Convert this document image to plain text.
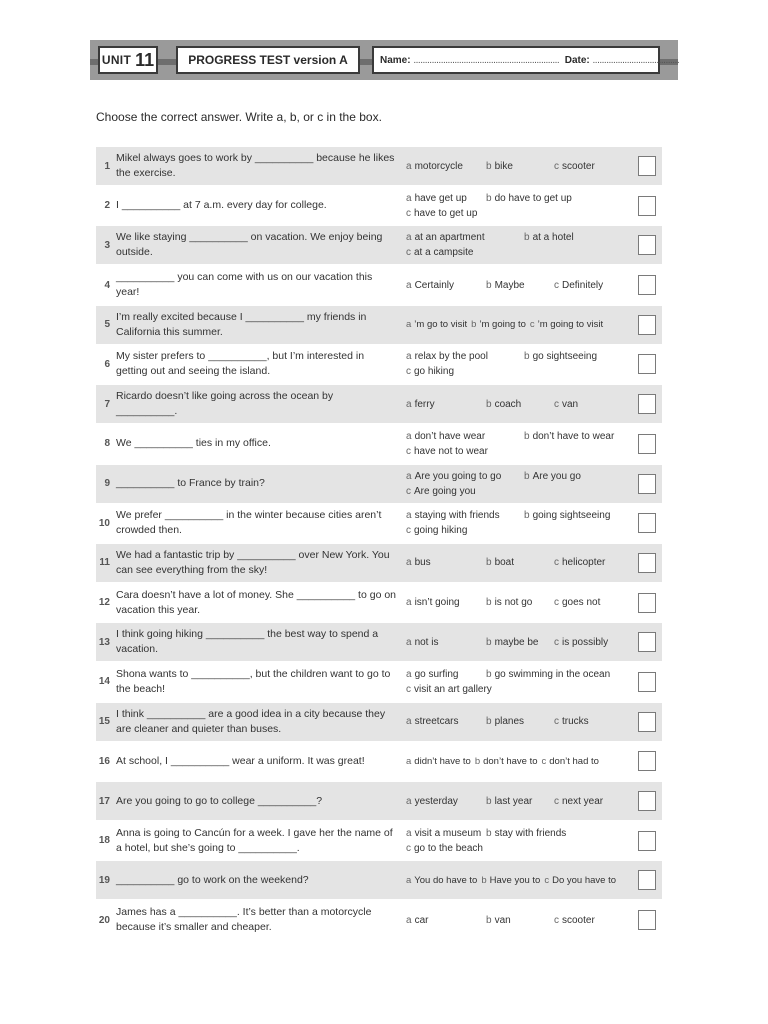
UNIT 11	PROGRESS TEST version A	Name:
................................................................
Date:
......................................
Choose the correct answer. Write a, b, or c in the box.
1
Mikel always goes to work by __________ because he likes the exercise.
a motorcycle b bike	c scooter
2 I __________ at 7 a.m. every day for college.
a have get up b do have to get up
c have to get up
3
We like staying __________ on vacation. We enjoy being outside.
a at an apartment	b at a hotel
c at a campsite
4
__________ you can come with us on our vacation this year!
a Certainly	b Maybe	c Definitely
5
I’m really excited because I __________ my friends in California this summer.
a ’m go to visit b ’m going to c ’m going to visit
6
My sister prefers to __________, but I’m interested in getting out and seeing the island.
a relax by the pool	b go sightseeing
c go hiking
7
Ricardo doesn’t like going across the ocean by __________.
a ferry	b coach	c van
8 We __________ ties in my office.
a don’t have wear	b don’t have to wear
c have not to wear
9 __________ to France by train?
a Are you going to go b Are you go
c Are going you
10
We prefer __________ in the winter because cities aren’t crowded then.
a staying with friends b going sightseeing
c going hiking
11
We had a fantastic trip by __________ over New York. You can see everything from the sky!
a bus	b boat	c helicopter
12
Cara doesn’t have a lot of money. She __________ to go on vacation this year.
a isn’t going	b is not go c goes not
13
I think going hiking __________ the best way to spend a vacation.
a not is	b maybe be c is possibly
14
Shona wants to __________, but the children want to go to the beach!
a go surfing	b go swimming in the ocean
c visit an art gallery
15
I think __________ are a good idea in a city because they are cleaner and quieter than buses.
a streetcars	b planes	c trucks
16 At school, I __________ wear a uniform. It was great!	a didn’t have to b don’t have to c don’t had to
17 Are you going to go to college __________?	a yesterday	b last year c next year
18
Anna is going to Cancún for a week. I gave her the name of a hotel, but she’s going to __________.
a visit a museum b stay with friends
c go to the beach
19 __________ go to work on the weekend?	a You do have to b Have you to c Do you have to
20
James has a __________. It’s better than a motorcycle because it’s smaller and cheaper.
a car	b van	c scooter
